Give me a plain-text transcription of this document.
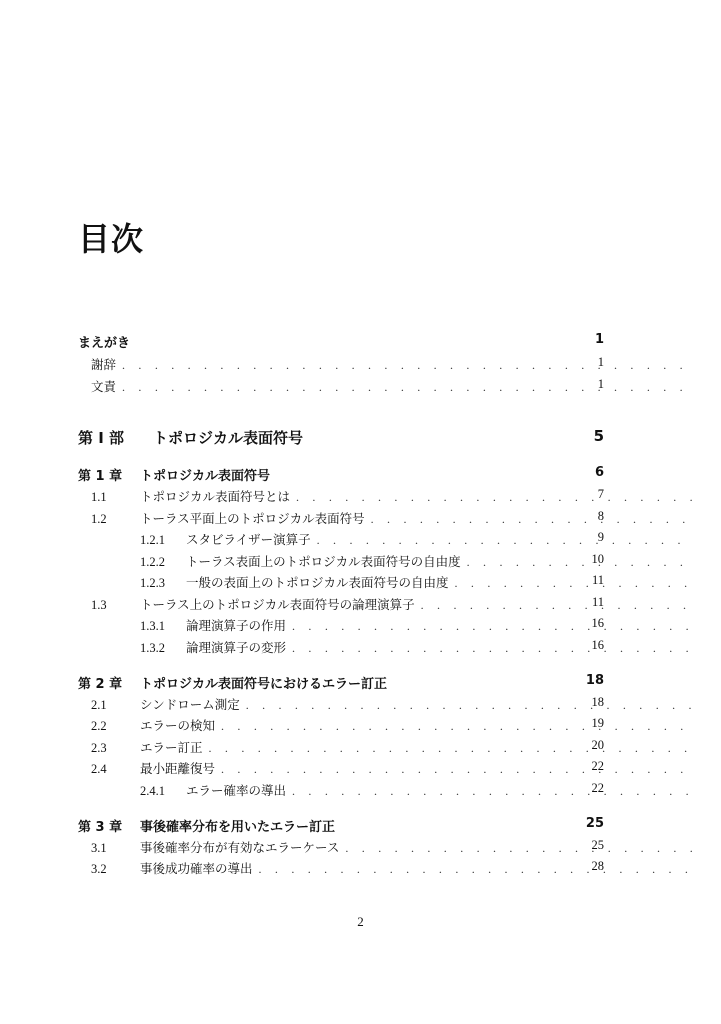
目次
まえがき	1
謝辞 . . .	1
文責 . . .	1
第 I 部	トポロジカル表面符号	5
第 1 章	トポロジカル表面符号	6
1.1	トポロジカル表面符号とは . . .	7
1.2	トーラス平面上のトポロジカル表面符号 . . .	8
1.2.1	スタビライザー演算子 . . .	9
1.2.2	トーラス表面上のトポロジカル表面符号の自由度 . . .	10
1.2.3	一般の表面上のトポロジカル表面符号の自由度 . . .	11
1.3	トーラス上のトポロジカル表面符号の論理演算子 . . .	11
1.3.1	論理演算子の作用 . . .	16
1.3.2	論理演算子の変形 . . .	16
第 2 章	トポロジカル表面符号におけるエラー訂正	18
2.1	シンドローム測定 . . .	18
2.2	エラーの検知 . . .	19
2.3	エラー訂正 . . .	20
2.4	最小距離復号 . . .	22
2.4.1	エラー確率の導出 . . .	22
第 3 章	事後確率分布を用いたエラー訂正	25
3.1	事後確率分布が有効なエラーケース . . .	25
3.2	事後成功確率の導出 . . .	28
2
